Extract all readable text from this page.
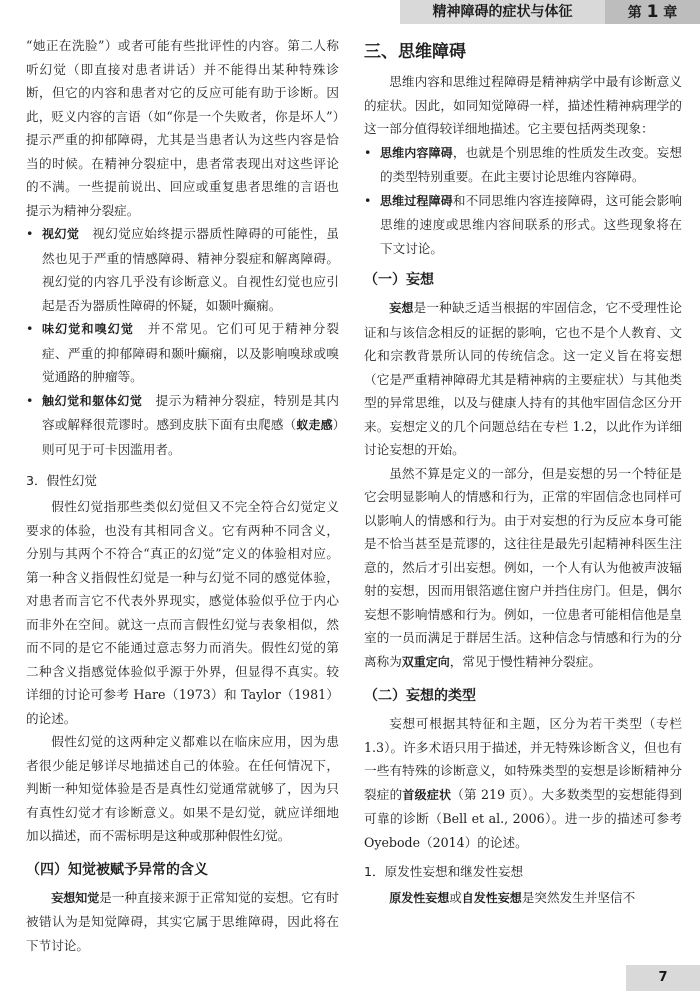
精神障碍的症状与体征	第 1 章

“她正在洗脸”）或者可能有些批评性的内容。第二人称听幻觉（即直接对患者讲话）并不能得出某种特殊诊断，但它的内容和患者对它的反应可能有助于诊断。因此，贬义内容的言语（如“你是一个失败者，你是坏人”）提示严重的抑郁障碍，尤其是当患者认为这些内容是恰当的时候。在精神分裂症中，患者常表现出对这些评论的不满。一些提前说出、回应或重复患者思维的言语也提示为精神分裂症。

• 视幻觉　 视幻觉应始终提示器质性障碍的可能性，虽然也见于严重的情感障碍、精神分裂症和解离障碍。视幻觉的内容几乎没有诊断意义。自视性幻觉也应引起是否为器质性障碍的怀疑，如颞叶癫痫。
• 味幻觉和嗅幻觉　 并不常见。它们可见于精神分裂症、严重的抑郁障碍和颞叶癫痫，以及影响嗅球或嗅觉通路的肿瘤等。
• 触幻觉和躯体幻觉　 提示为精神分裂症，特别是其内容或解释很荒谬时。感到皮肤下面有虫爬感（蚁走感）则可见于可卡因滥用者。
3．假性幻觉

假性幻觉指那些类似幻觉但又不完全符合幻觉定义要求的体验，也没有其相同含义。它有两种不同含义，分别与其两个不符合“真正的幻觉”定义的体验相对应。第一种含义指假性幻觉是一种与幻觉不同的感觉体验，对患者而言它不代表外界现实，感觉体验似乎位于内心而非外在空间。就这一点而言假性幻觉与表象相似，然而不同的是它不能通过意志努力而消失。假性幻觉的第二种含义指感觉体验似乎源于外界，但显得不真实。较详细的讨论可参考 Hare（1973）和 Taylor（1981）的论述。

假性幻觉的这两种定义都难以在临床应用，因为患者很少能足够详尽地描述自己的体验。在任何情况下，判断一种知觉体验是否是真性幻觉通常就够了，因为只有真性幻觉才有诊断意义。如果不是幻觉，就应详细地加以描述，而不需标明是这种或那种假性幻觉。

（四）知觉被赋予异常的含义

妄想知觉是一种直接来源于正常知觉的妄想。它有时被错认为是知觉障碍，其实它属于思维障碍，因此将在下节讨论。

三、思维障碍

思维内容和思维过程障碍是精神病学中最有诊断意义的症状。因此，如同知觉障碍一样，描述性精神病理学的这一部分值得较详细地描述。它主要包括两类现象：

• 思维内容障碍，也就是个别思维的性质发生改变。妄想的类型特别重要。在此主要讨论思维内容障碍。
• 思维过程障碍和不同思维内容连接障碍，这可能会影响思维的速度或思维内容间联系的形式。这些现象将在下文讨论。
（一）妄想

妄想是一种缺乏适当根据的牢固信念，它不受理性论证和与该信念相反的证据的影响，它也不是个人教育、文化和宗教背景所认同的传统信念。这一定义旨在将妄想（它是严重精神障碍尤其是精神病的主要症状）与其他类型的异常思维，以及与健康人持有的其他牢固信念区分开来。妄想定义的几个问题总结在专栏 1.2，以此作为详细讨论妄想的开始。

虽然不算是定义的一部分，但是妄想的另一个特征是它会明显影响人的情感和行为，正常的牢固信念也同样可以影响人的情感和行为。由于对妄想的行为反应本身可能是不恰当甚至是荒谬的，这往往是最先引起精神科医生注意的，然后才引出妄想。例如，一个人有认为他被声波辐射的妄想，因而用银箔遮住窗户并挡住房门。但是，偶尔妄想不影响情感和行为。例如，一位患者可能相信他是皇室的一员而满足于群居生活。这种信念与情感和行为的分离称为双重定向，常见于慢性精神分裂症。

（二）妄想的类型

妄想可根据其特征和主题，区分为若干类型（专栏 1.3）。许多术语只用于描述，并无特殊诊断含义，但也有一些有特殊的诊断意义，如特殊类型的妄想是诊断精神分裂症的首级症状（第 219 页）。大多数类型的妄想能得到可靠的诊断（Bell et al., 2006）。进一步的描述可参考 Oyebode（2014）的论述。

1．原发性妄想和继发性妄想

原发性妄想或自发性妄想是突然发生并坚信不

7
